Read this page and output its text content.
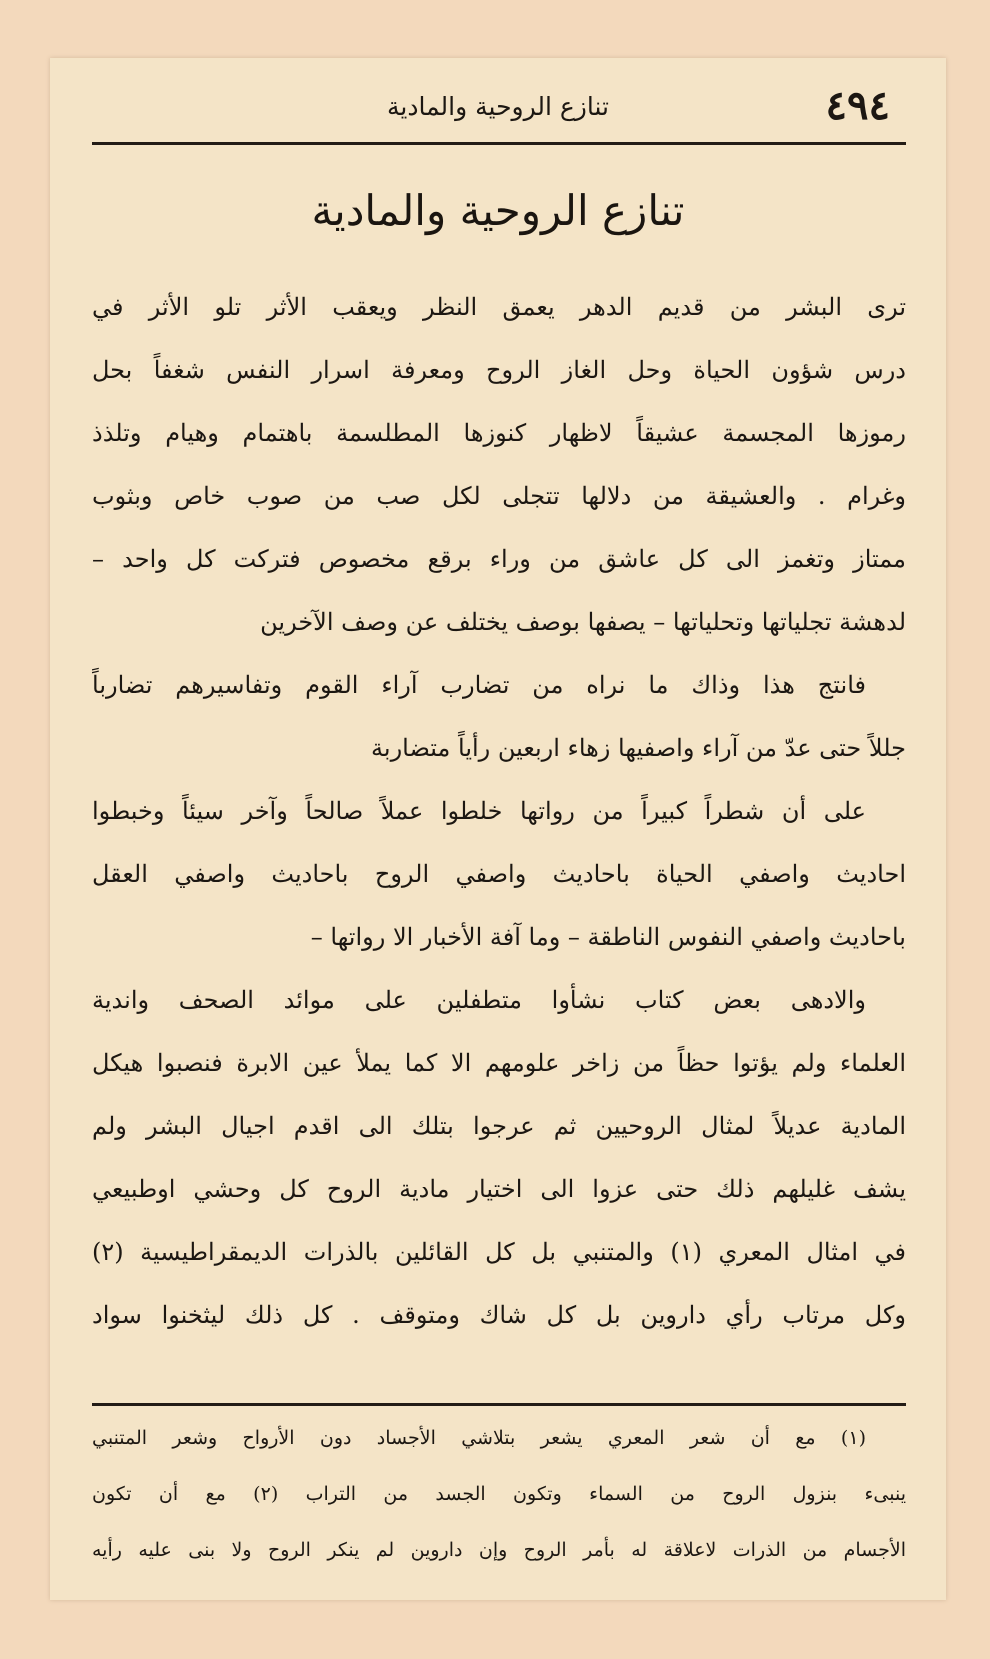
٤٩٤
تنازع الروحية والمادية
تنازع الروحية والمادية
ترى البشر من قديم الدهر يعمق النظر ويعقب الأثر تلو الأثر في
درس شؤون الحياة وحل الغاز الروح ومعرفة اسرار النفس شغفاً بحل
رموزها المجسمة عشيقاً لاظهار كنوزها المطلسمة باهتمام وهيام وتلذذ
وغرام . والعشيقة من دلالها تتجلى لكل صب من صوب خاص وبثوب
ممتاز وتغمز الى كل عاشق من وراء برقع مخصوص فتركت كل واحد –
لدهشة تجلياتها وتحلياتها – يصفها بوصف يختلف عن وصف الآخرين
فانتج هذا وذاك ما نراه من تضارب آراء القوم وتفاسيرهم تضارباً
جللاً حتى عدّ من آراء واصفيها زهاء اربعين رأياً متضاربة
على أن شطراً كبيراً من رواتها خلطوا عملاً صالحاً وآخر سيئاً وخبطوا
احاديث واصفي الحياة باحاديث واصفي الروح باحاديث واصفي العقل
باحاديث واصفي النفوس الناطقة – وما آفة الأخبار الا رواتها –
والادهى بعض كتاب نشأوا متطفلين على موائد الصحف واندية
العلماء ولم يؤتوا حظاً من زاخر علومهم الا كما يملأ عين الابرة فنصبوا هيكل
المادية عديلاً لمثال الروحيين ثم عرجوا بتلك الى اقدم اجيال البشر ولم
يشف غليلهم ذلك حتى عزوا الى اختيار مادية الروح كل وحشي اوطبيعي
في امثال المعري (١) والمتنبي بل كل القائلين بالذرات الديمقراطيسية (٢)
وكل مرتاب رأي داروين بل كل شاك ومتوقف . كل ذلك ليثخنوا سواد
(١) مع أن شعر المعري يشعر بتلاشي الأجساد دون الأرواح وشعر المتنبي
ينبىء بنزول الروح من السماء وتكون الجسد من التراب (٢) مع أن تكون
الأجسام من الذرات لاعلاقة له بأمر الروح وإن داروين لم ينكر الروح ولا بنى عليه رأيه
